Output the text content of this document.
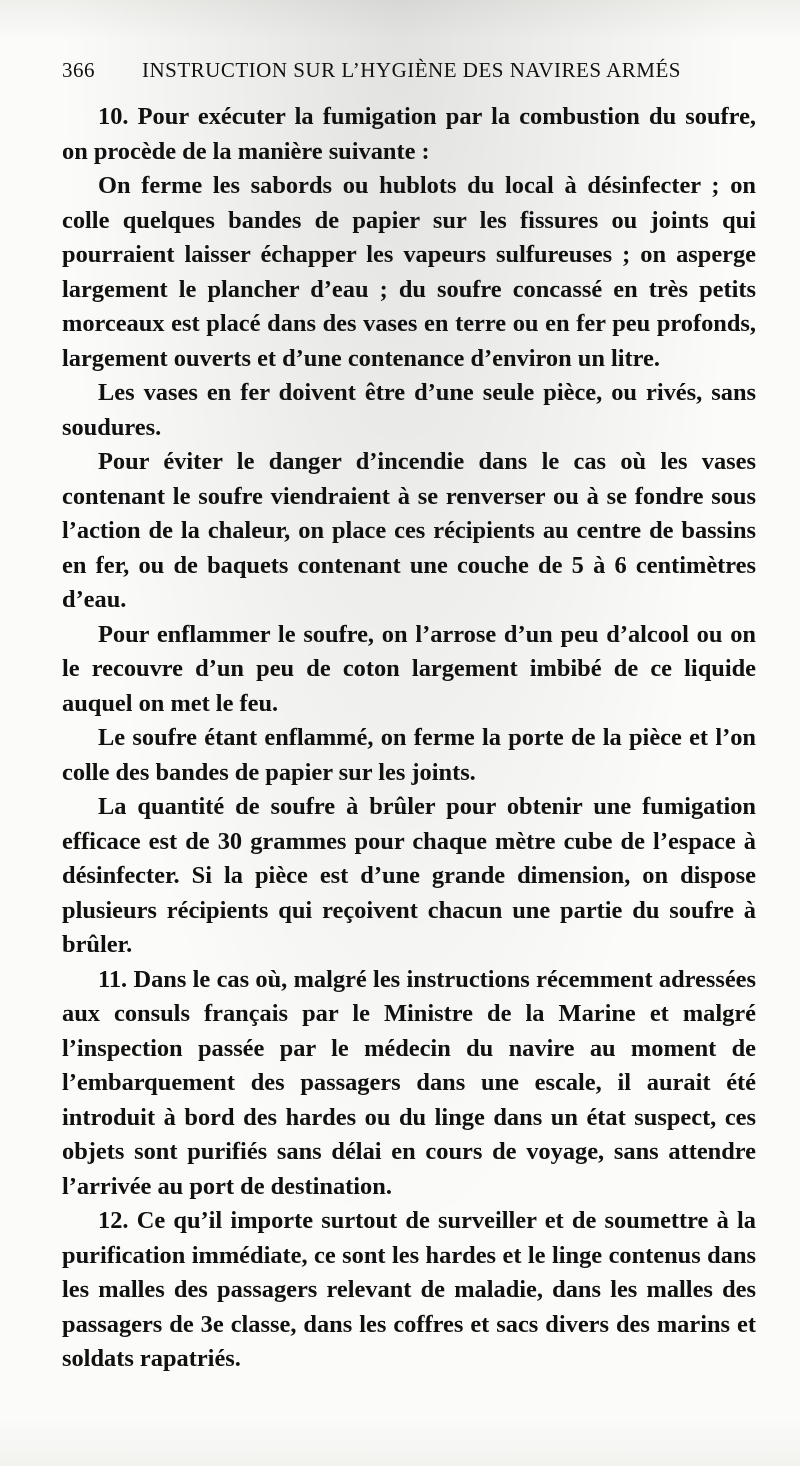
366 INSTRUCTION SUR L’HYGIÈNE DES NAVIRES ARMÉS

10. Pour exécuter la fumigation par la combustion du soufre, on procède de la manière suivante :

On ferme les sabords ou hublots du local à désinfecter ; on colle quelques bandes de papier sur les fissures ou joints qui pourraient laisser échapper les vapeurs sulfureuses ; on asperge largement le plancher d’eau ; du soufre concassé en très petits morceaux est placé dans des vases en terre ou en fer peu profonds, largement ouverts et d’une contenance d’environ un litre.

Les vases en fer doivent être d’une seule pièce, ou rivés, sans soudures.

Pour éviter le danger d’incendie dans le cas où les vases contenant le soufre viendraient à se renverser ou à se fondre sous l’action de la chaleur, on place ces récipients au centre de bassins en fer, ou de baquets contenant une couche de 5 à 6 centimètres d’eau.

Pour enflammer le soufre, on l’arrose d’un peu d’alcool ou on le recouvre d’un peu de coton largement imbibé de ce liquide auquel on met le feu.

Le soufre étant enflammé, on ferme la porte de la pièce et l’on colle des bandes de papier sur les joints.

La quantité de soufre à brûler pour obtenir une fumigation efficace est de 30 grammes pour chaque mètre cube de l’espace à désinfecter. Si la pièce est d’une grande dimension, on dispose plusieurs récipients qui reçoivent chacun une partie du soufre à brûler.

11. Dans le cas où, malgré les instructions récemment adressées aux consuls français par le Ministre de la Marine et malgré l’inspection passée par le médecin du navire au moment de l’embarquement des passagers dans une escale, il aurait été introduit à bord des hardes ou du linge dans un état suspect, ces objets sont purifiés sans délai en cours de voyage, sans attendre l’arrivée au port de destination.

12. Ce qu’il importe surtout de surveiller et de soumettre à la purification immédiate, ce sont les hardes et le linge contenus dans les malles des passagers relevant de maladie, dans les malles des passagers de 3e classe, dans les coffres et sacs divers des marins et soldats rapatriés.
